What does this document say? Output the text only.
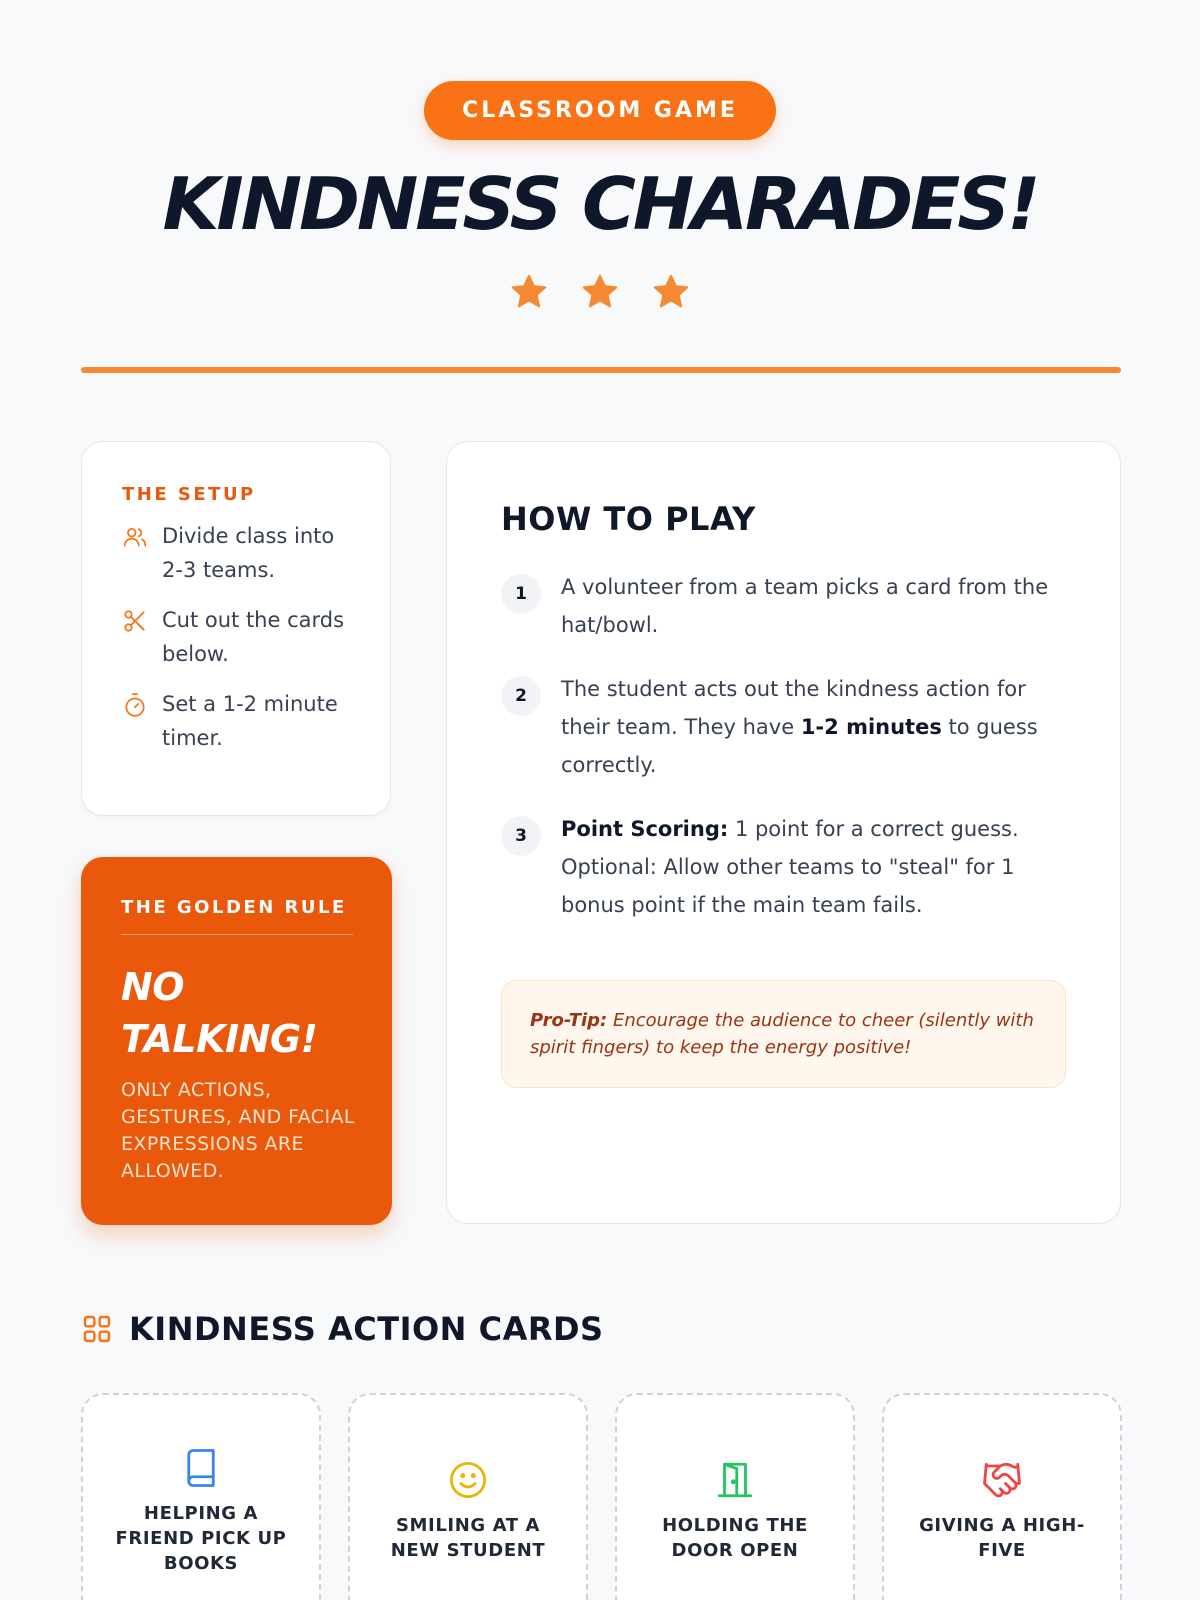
CLASSROOM GAME
KINDNESS CHARADES!

THE SETUP
Divide class into 2-3 teams.
Cut out the cards below.
Set a 1-2 minute timer.
THE GOLDEN RULE
NO
TALKING!
ONLY ACTIONS, GESTURES, AND FACIAL EXPRESSIONS ARE ALLOWED.
HOW TO PLAY
1	A volunteer from a team picks a card from the hat/bowl.
2	The student acts out the kindness action for their team. They have 1-2 minutes to guess correctly.
3	Point Scoring: 1 point for a correct guess. Optional: Allow other teams to "steal" for 1 bonus point if the main team fails.
Pro-Tip: Encourage the audience to cheer (silently with spirit fingers) to keep the energy positive!
KINDNESS ACTION CARDS
HELPING A FRIEND PICK UP BOOKS
SMILING AT A NEW STUDENT
HOLDING THE DOOR OPEN
GIVING A HIGH-FIVE
